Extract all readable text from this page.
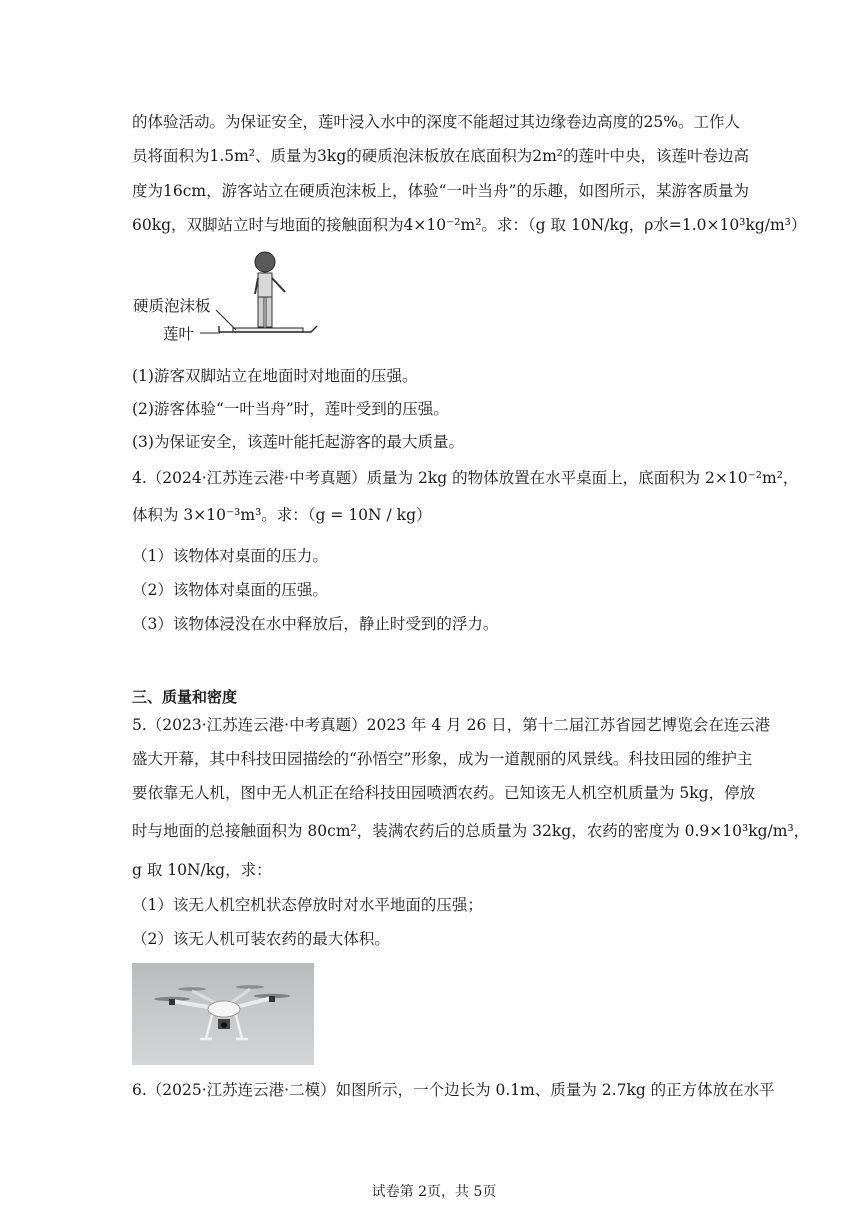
的体验活动。为保证安全，莲叶浸入水中的深度不能超过其边缘卷边高度的25%。工作人
员将面积为1.5m²、质量为3kg的硬质泡沫板放在底面积为2m²的莲叶中央，该莲叶卷边高
度为16cm，游客站立在硬质泡沫板上，体验“一叶当舟”的乐趣，如图所示，某游客质量为
60kg，双脚站立时与地面的接触面积为4×10⁻²m²。求：（g 取 10N/kg，ρ水=1.0×10³kg/m³）
硬质泡沫板
莲叶
(1)游客双脚站立在地面时对地面的压强。
(2)游客体验“一叶当舟”时，莲叶受到的压强。
(3)为保证安全，该莲叶能托起游客的最大质量。
4.（2024·江苏连云港·中考真题）质量为 2kg 的物体放置在水平桌面上，底面积为 2×10⁻²m²，
体积为 3×10⁻³m³。求：（g = 10N / kg）
（1）该物体对桌面的压力。
（2）该物体对桌面的压强。
（3）该物体浸没在水中释放后，静止时受到的浮力。
三、质量和密度
5.（2023·江苏连云港·中考真题）2023 年 4 月 26 日，第十二届江苏省园艺博览会在连云港
盛大开幕，其中科技田园描绘的“孙悟空”形象，成为一道靓丽的风景线。科技田园的维护主
要依靠无人机，图中无人机正在给科技田园喷洒农药。已知该无人机空机质量为 5kg，停放
时与地面的总接触面积为 80cm²，装满农药后的总质量为 32kg，农药的密度为 0.9×10³kg/m³，
g 取 10N/kg，求：
（1）该无人机空机状态停放时对水平地面的压强；
（2）该无人机可装农药的最大体积。
6.（2025·江苏连云港·二模）如图所示，一个边长为 0.1m、质量为 2.7kg 的正方体放在水平
试卷第 2页，共 5页
